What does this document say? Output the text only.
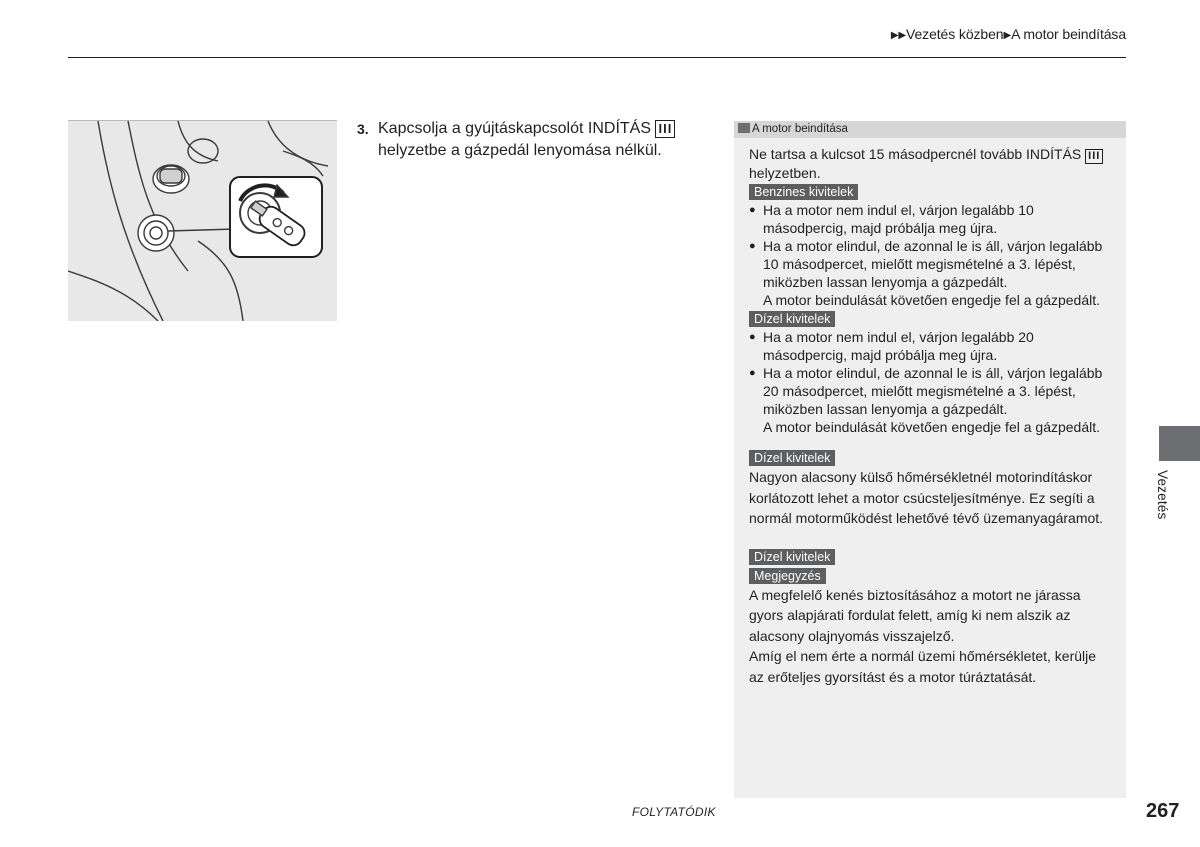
▶▶Vezetés közben▶A motor beindítása
3. Kapcsolja a gyújtáskapcsolót INDÍTÁS III helyzetbe a gázpedál lenyomása nélkül.
A motor beindítása
Ne tartsa a kulcsot 15 másodpercnél tovább INDÍTÁS III helyzetben.
Benzines kivitelek
● Ha a motor nem indul el, várjon legalább 10 másodpercig, majd próbálja meg újra.
● Ha a motor elindul, de azonnal le is áll, várjon legalább 10 másodpercet, mielőtt megismételné a 3. lépést, miközben lassan lenyomja a gázpedált.
A motor beindulását követően engedje fel a gázpedált.
Dízel kivitelek
● Ha a motor nem indul el, várjon legalább 20 másodpercig, majd próbálja meg újra.
● Ha a motor elindul, de azonnal le is áll, várjon legalább 20 másodpercet, mielőtt megismételné a 3. lépést, miközben lassan lenyomja a gázpedált.
A motor beindulását követően engedje fel a gázpedált.
Dízel kivitelek
Nagyon alacsony külső hőmérsékletnél motorindításkor korlátozott lehet a motor csúcsteljesítménye. Ez segíti a normál motorműködést lehetővé tévő üzemanyagáramot.
Dízel kivitelek
Megjegyzés
A megfelelő kenés biztosításához a motort ne járassa gyors alapjárati fordulat felett, amíg ki nem alszik az alacsony olajnyomás visszajelző.
Amíg el nem érte a normál üzemi hőmérsékletet, kerülje az erőteljes gyorsítást és a motor túráztatását.
Vezetés
FOLYTATÓDIK	267
